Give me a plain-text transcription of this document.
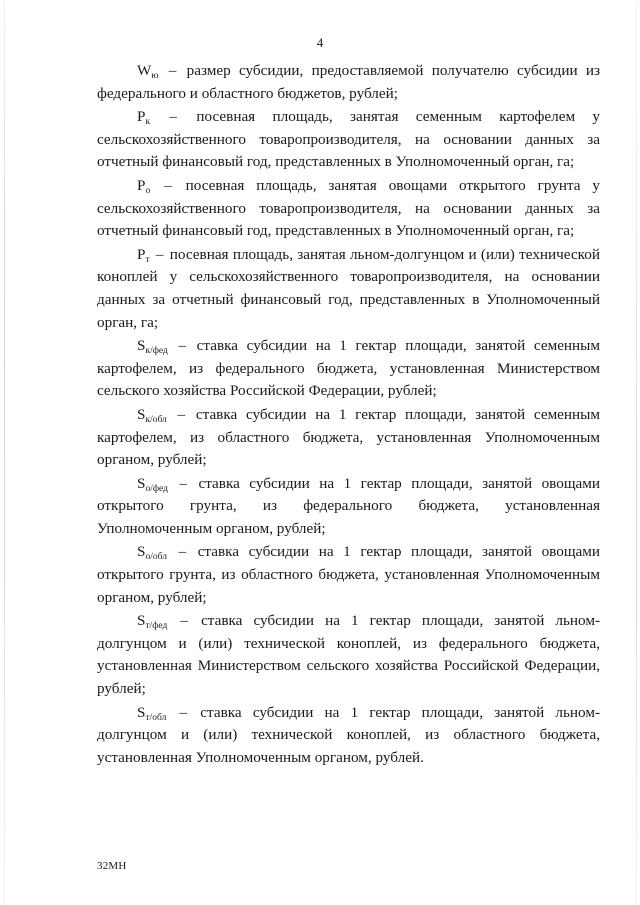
4

$W_ю$ – размер субсидии, предоставляемой получателю субсидии из федерального и областного бюджетов, рублей;

$P_к$ – посевная площадь, занятая семенным картофелем у сельскохозяйственного товаропроизводителя, на основании данных за отчетный финансовый год, представленных в Уполномоченный орган, га;

$P_о$ – посевная площадь, занятая овощами открытого грунта у сельскохозяйственного товаропроизводителя, на основании данных за отчетный финансовый год, представленных в Уполномоченный орган, га;

$P_т$ – посевная площадь, занятая льном-долгунцом и (или) технической коноплей у сельскохозяйственного товаропроизводителя, на основании данных за отчетный финансовый год, представленных в Уполномоченный орган, га;

$S_{к/фед}$ – ставка субсидии на 1 гектар площади, занятой семенным картофелем, из федерального бюджета, установленная Министерством сельского хозяйства Российской Федерации, рублей;

$S_{к/обл}$ – ставка субсидии на 1 гектар площади, занятой семенным картофелем, из областного бюджета, установленная Уполномоченным органом, рублей;

$S_{о/фед}$ – ставка субсидии на 1 гектар площади, занятой овощами открытого грунта, из федерального бюджета, установленная Уполномоченным органом, рублей;

$S_{о/обл}$ – ставка субсидии на 1 гектар площади, занятой овощами открытого грунта, из областного бюджета, установленная Уполномоченным органом, рублей;

$S_{т/фед}$ – ставка субсидии на 1 гектар площади, занятой льном-долгунцом и (или) технической коноплей, из федерального бюджета, установленная Министерством сельского хозяйства Российской Федерации, рублей;

$S_{т/обл}$ – ставка субсидии на 1 гектар площади, занятой льном-долгунцом и (или) технической коноплей, из областного бюджета, установленная Уполномоченным органом, рублей.

32МН
